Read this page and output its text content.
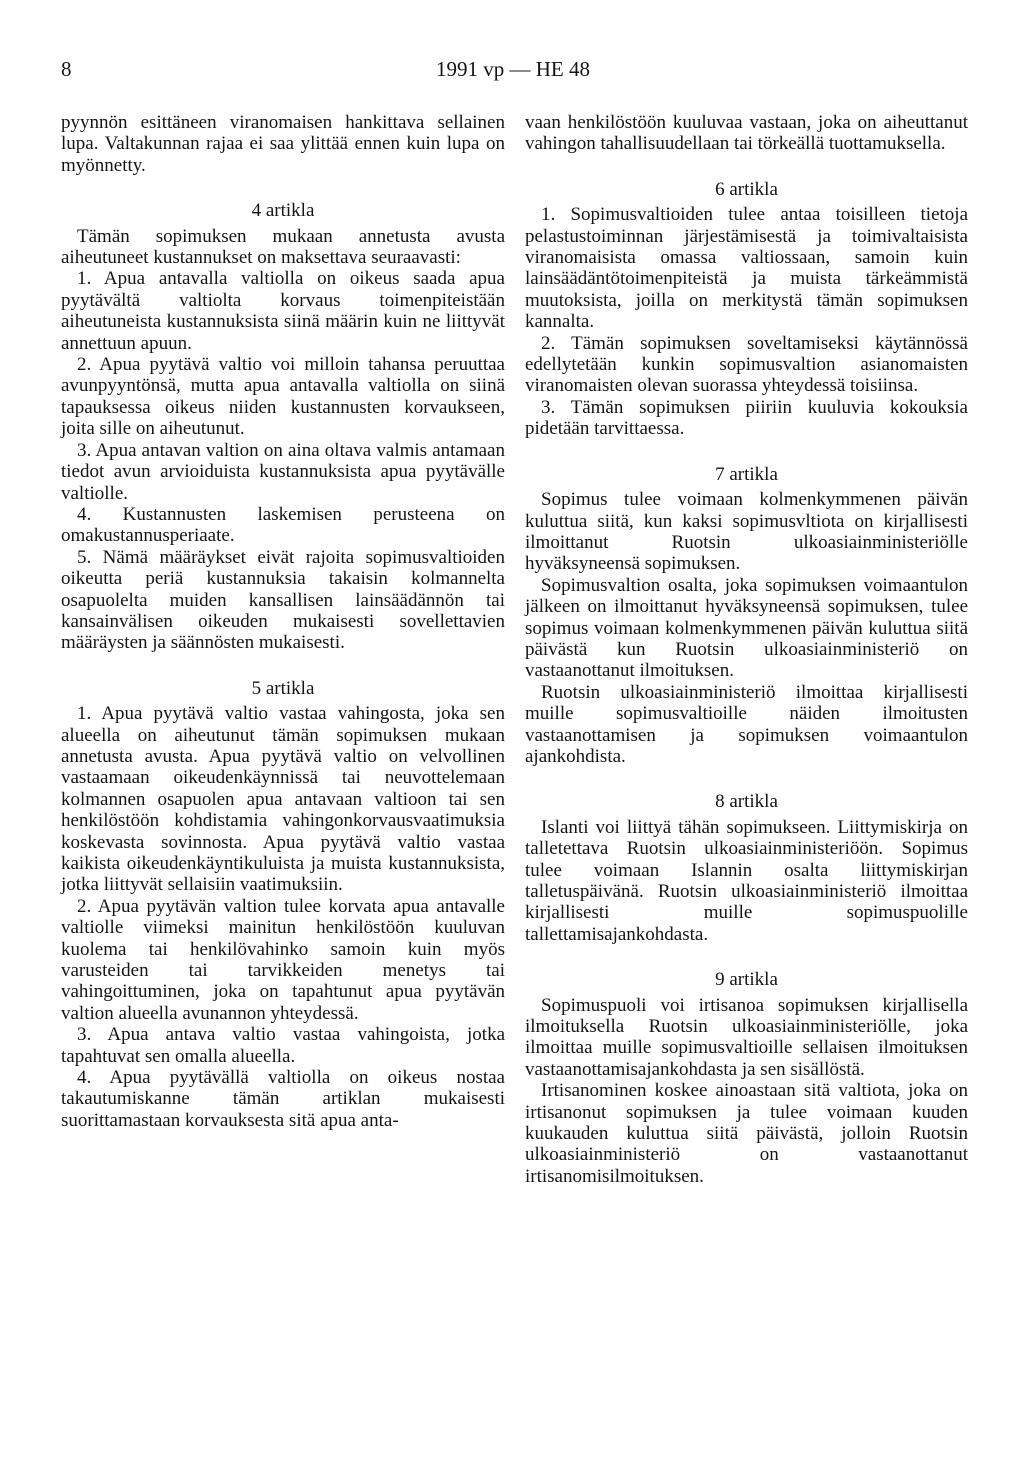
8	1991 vp — HE 48

pyynnön esittäneen viranomaisen hankittava sellainen lupa. Valtakunnan rajaa ei saa ylittää ennen kuin lupa on myönnetty.

4 artikla

Tämän sopimuksen mukaan annetusta avusta aiheutuneet kustannukset on maksettava seuraavasti:

1. Apua antavalla valtiolla on oikeus saada apua pyytävältä valtiolta korvaus toimenpiteistään aiheutuneista kustannuksista siinä määrin kuin ne liittyvät annettuun apuun.

2. Apua pyytävä valtio voi milloin tahansa peruuttaa avunpyyntönsä, mutta apua antavalla valtiolla on siinä tapauksessa oikeus niiden kustannusten korvaukseen, joita sille on aiheutunut.

3. Apua antavan valtion on aina oltava valmis antamaan tiedot avun arvioiduista kustannuksista apua pyytävälle valtiolle.

4. Kustannusten laskemisen perusteena on omakustannusperiaate.

5. Nämä määräykset eivät rajoita sopimusvaltioiden oikeutta periä kustannuksia takaisin kolmannelta osapuolelta muiden kansallisen lainsäädännön tai kansainvälisen oikeuden mukaisesti sovellettavien määräysten ja säännösten mukaisesti.

5 artikla

1. Apua pyytävä valtio vastaa vahingosta, joka sen alueella on aiheutunut tämän sopimuksen mukaan annetusta avusta. Apua pyytävä valtio on velvollinen vastaamaan oikeudenkäynnissä tai neuvottelemaan kolmannen osapuolen apua antavaan valtioon tai sen henkilöstöön kohdistamia vahingonkorvausvaatimuksia koskevasta sovinnosta. Apua pyytävä valtio vastaa kaikista oikeudenkäyntikuluista ja muista kustannuksista, jotka liittyvät sellaisiin vaatimuksiin.

2. Apua pyytävän valtion tulee korvata apua antavalle valtiolle viimeksi mainitun henkilöstöön kuuluvan kuolema tai henkilövahinko samoin kuin myös varusteiden tai tarvikkeiden menetys tai vahingoittuminen, joka on tapahtunut apua pyytävän valtion alueella avunannon yhteydessä.

3. Apua antava valtio vastaa vahingoista, jotka tapahtuvat sen omalla alueella.

4. Apua pyytävällä valtiolla on oikeus nostaa takautumiskanne tämän artiklan mukaisesti suorittamastaan korvauksesta sitä apua anta-

vaan henkilöstöön kuuluvaa vastaan, joka on aiheuttanut vahingon tahallisuudellaan tai törkeällä tuottamuksella.

6 artikla

1. Sopimusvaltioiden tulee antaa toisilleen tietoja pelastustoiminnan järjestämisestä ja toimivaltaisista viranomaisista omassa valtiossaan, samoin kuin lainsäädäntötoimenpiteistä ja muista tärkeämmistä muutoksista, joilla on merkitystä tämän sopimuksen kannalta.

2. Tämän sopimuksen soveltamiseksi käytännössä edellytetään kunkin sopimusvaltion asianomaisten viranomaisten olevan suorassa yhteydessä toisiinsa.

3. Tämän sopimuksen piiriin kuuluvia kokouksia pidetään tarvittaessa.

7 artikla

Sopimus tulee voimaan kolmenkymmenen päivän kuluttua siitä, kun kaksi sopimusvltiota on kirjallisesti ilmoittanut Ruotsin ulkoasiainministeriölle hyväksyneensä sopimuksen.

Sopimusvaltion osalta, joka sopimuksen voimaantulon jälkeen on ilmoittanut hyväksyneensä sopimuksen, tulee sopimus voimaan kolmenkymmenen päivän kuluttua siitä päivästä kun Ruotsin ulkoasiainministeriö on vastaanottanut ilmoituksen.

Ruotsin ulkoasiainministeriö ilmoittaa kirjallisesti muille sopimusvaltioille näiden ilmoitusten vastaanottamisen ja sopimuksen voimaantulon ajankohdista.

8 artikla

Islanti voi liittyä tähän sopimukseen. Liittymiskirja on talletettava Ruotsin ulkoasiainministeriöön. Sopimus tulee voimaan Islannin osalta liittymiskirjan talletuspäivänä. Ruotsin ulkoasiainministeriö ilmoittaa kirjallisesti muille sopimuspuolille tallettamisajankohdasta.

9 artikla

Sopimuspuoli voi irtisanoa sopimuksen kirjallisella ilmoituksella Ruotsin ulkoasiainministeriölle, joka ilmoittaa muille sopimusvaltioille sellaisen ilmoituksen vastaanottamisajankohdasta ja sen sisällöstä.

Irtisanominen koskee ainoastaan sitä valtiota, joka on irtisanonut sopimuksen ja tulee voimaan kuuden kuukauden kuluttua siitä päivästä, jolloin Ruotsin ulkoasiainministeriö on vastaanottanut irtisanomisilmoituksen.
